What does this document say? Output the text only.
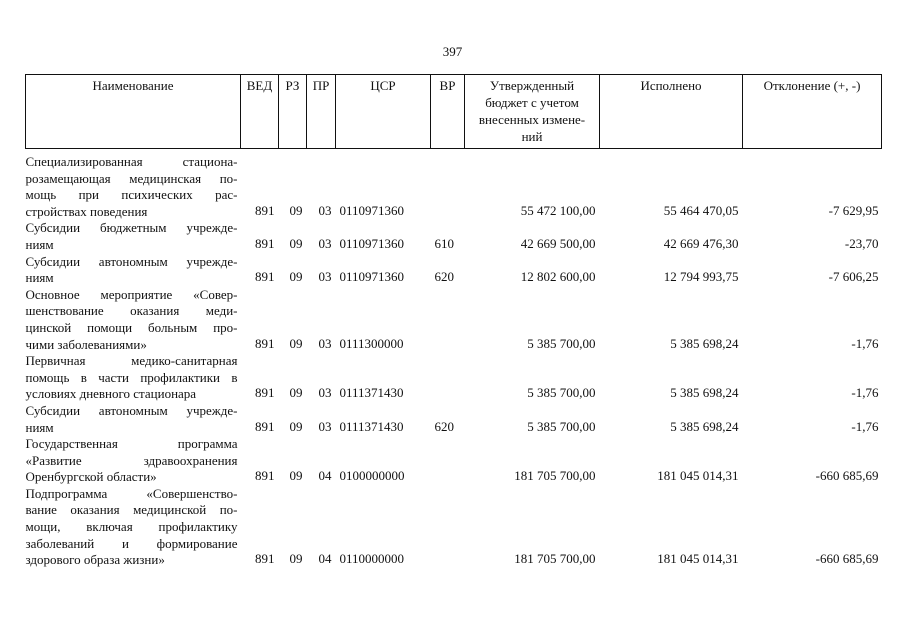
397
Наименование	ВЕД	РЗ	ПР	ЦСР	ВР	Утвержденный бюджет с учетом внесенных измене-ний	Исполнено	Отклонение (+, -)

Специализированная стациона-
розамещающая медицинская по-
мощь при психических рас-
стройствах поведения	891	09	03	0110971360		55 472 100,00	55 464 470,05	-7 629,95

Субсидии бюджетным учрежде-
ниям	891	09	03	0110971360	610	42 669 500,00	42 669 476,30	-23,70

Субсидии автономным учрежде-
ниям	891	09	03	0110971360	620	12 802 600,00	12 794 993,75	-7 606,25

Основное мероприятие «Совер-
шенствование оказания меди-
цинской помощи больным про-
чими заболеваниями»	891	09	03	0111300000		5 385 700,00	5 385 698,24	-1,76

Первичная медико-санитарная
помощь в части профилактики в
условиях дневного стационара	891	09	03	0111371430		5 385 700,00	5 385 698,24	-1,76

Субсидии автономным учрежде-
ниям	891	09	03	0111371430	620	5 385 700,00	5 385 698,24	-1,76

Государственная программа
«Развитие здравоохранения
Оренбургской области»	891	09	04	0100000000		181 705 700,00	181 045 014,31	-660 685,69

Подпрограмма «Совершенство-
вание оказания медицинской по-
мощи, включая профилактику
заболеваний и формирование
здорового образа жизни»	891	09	04	0110000000		181 705 700,00	181 045 014,31	-660 685,69
